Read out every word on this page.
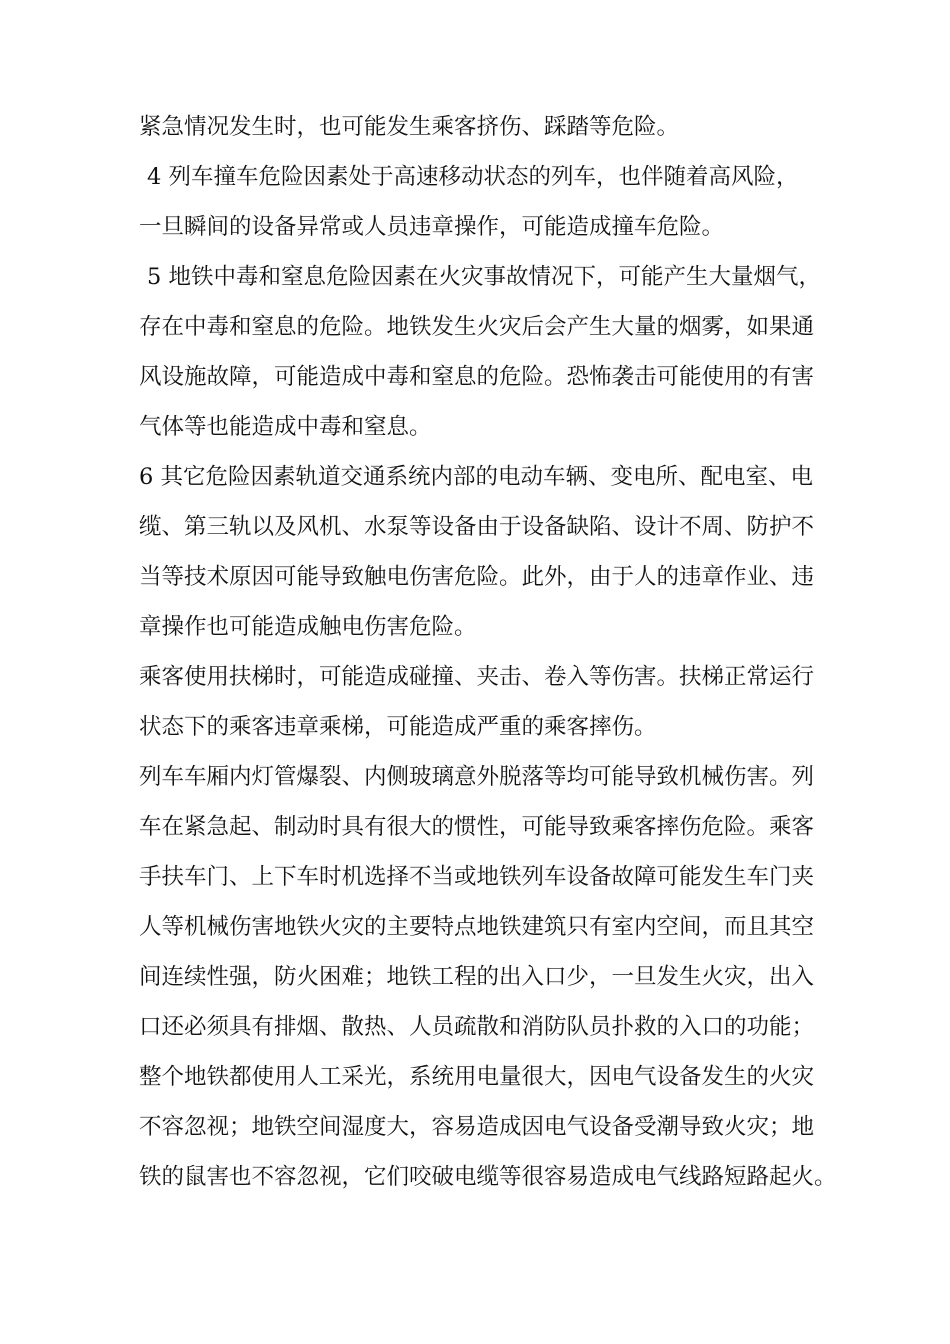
紧急情况发生时，也可能发生乘客挤伤、踩踏等危险。
4 列车撞车危险因素处于高速移动状态的列车，也伴随着高风险，
一旦瞬间的设备异常或人员违章操作，可能造成撞车危险。
5 地铁中毒和窒息危险因素在火灾事故情况下，可能产生大量烟气，
存在中毒和窒息的危险。地铁发生火灾后会产生大量的烟雾，如果通
风设施故障，可能造成中毒和窒息的危险。恐怖袭击可能使用的有害
气体等也能造成中毒和窒息。
6 其它危险因素轨道交通系统内部的电动车辆、变电所、配电室、电
缆、第三轨以及风机、水泵等设备由于设备缺陷、设计不周、防护不
当等技术原因可能导致触电伤害危险。此外，由于人的违章作业、违
章操作也可能造成触电伤害危险。
乘客使用扶梯时，可能造成碰撞、夹击、卷入等伤害。扶梯正常运行
状态下的乘客违章乘梯，可能造成严重的乘客摔伤。
列车车厢内灯管爆裂、内侧玻璃意外脱落等均可能导致机械伤害。列
车在紧急起、制动时具有很大的惯性，可能导致乘客摔伤危险。乘客
手扶车门、上下车时机选择不当或地铁列车设备故障可能发生车门夹
人等机械伤害地铁火灾的主要特点地铁建筑只有室内空间，而且其空
间连续性强，防火困难；地铁工程的出入口少，一旦发生火灾，出入
口还必须具有排烟、散热、人员疏散和消防队员扑救的入口的功能；
整个地铁都使用人工采光，系统用电量很大，因电气设备发生的火灾
不容忽视；地铁空间湿度大，容易造成因电气设备受潮导致火灾；地
铁的鼠害也不容忽视，它们咬破电缆等很容易造成电气线路短路起火。
